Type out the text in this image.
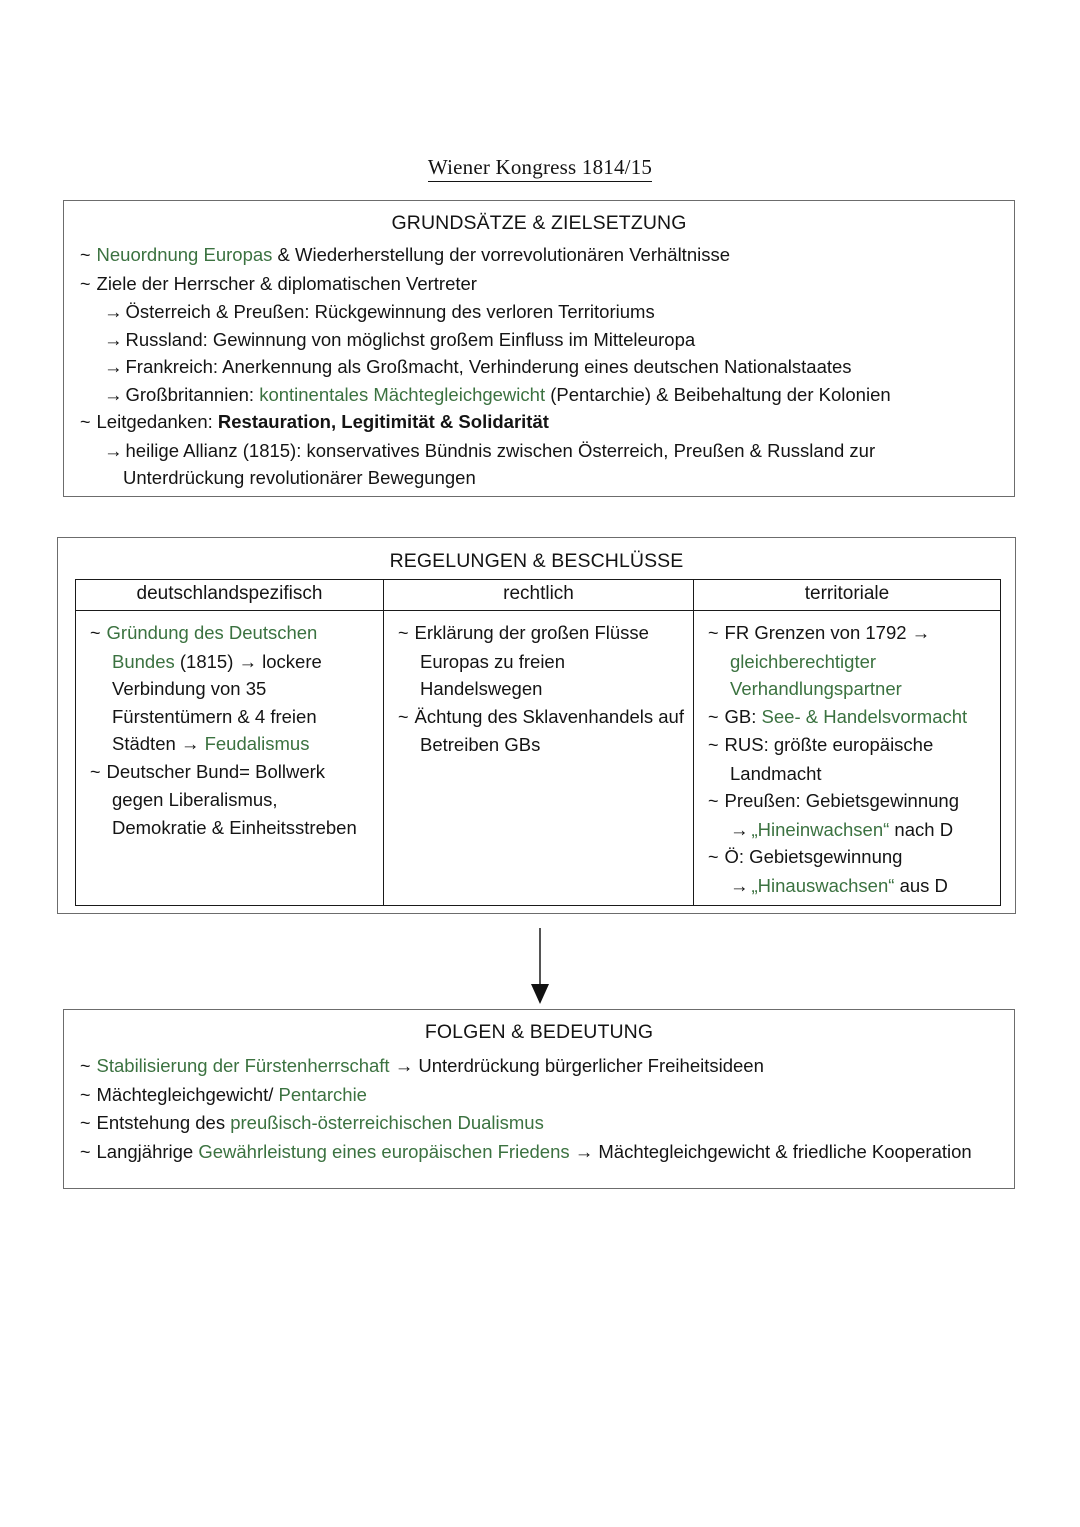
Wiener Kongress 1814/15
GRUNDSÄTZE & ZIELSETZUNG
~ Neuordnung Europas & Wiederherstellung der vorrevolutionären Verhältnisse
~ Ziele der Herrscher & diplomatischen Vertreter
→ Österreich & Preußen: Rückgewinnung des verloren Territoriums
→ Russland: Gewinnung von möglichst großem Einfluss im Mitteleuropa
→ Frankreich: Anerkennung als Großmacht, Verhinderung eines deutschen Nationalstaates
→ Großbritannien: kontinentales Mächtegleichgewicht (Pentarchie) & Beibehaltung der Kolonien
~ Leitgedanken: Restauration, Legitimität & Solidarität
→ heilige Allianz (1815): konservatives Bündnis zwischen Österreich, Preußen & Russland zur Unterdrückung revolutionärer Bewegungen
REGELUNGEN & BESCHLÜSSE
deutschlandspezifisch	rechtlich	territoriale

~ Gründung des Deutschen Bundes (1815) → lockere Verbindung von 35 Fürstentümern & 4 freien Städten → Feudalismus
~ Deutscher Bund= Bollwerk gegen Liberalismus, Demokratie & Einheitsstreben

~ Erklärung der großen Flüsse Europas zu freien Handelswegen
~ Ächtung des Sklavenhandels auf Betreiben GBs

~ FR Grenzen von 1792 → gleichberechtigter Verhandlungspartner
~ GB: See- & Handelsvormacht
~ RUS: größte europäische Landmacht
~ Preußen: Gebietsgewinnung
→ „Hineinwachsen“ nach D
~ Ö: Gebietsgewinnung
→ „Hinauswachsen“ aus D
FOLGEN & BEDEUTUNG
~ Stabilisierung der Fürstenherrschaft → Unterdrückung bürgerlicher Freiheitsideen
~ Mächtegleichgewicht/ Pentarchie
~ Entstehung des preußisch-österreichischen Dualismus
~ Langjährige Gewährleistung eines europäischen Friedens → Mächtegleichgewicht & friedliche Kooperation
